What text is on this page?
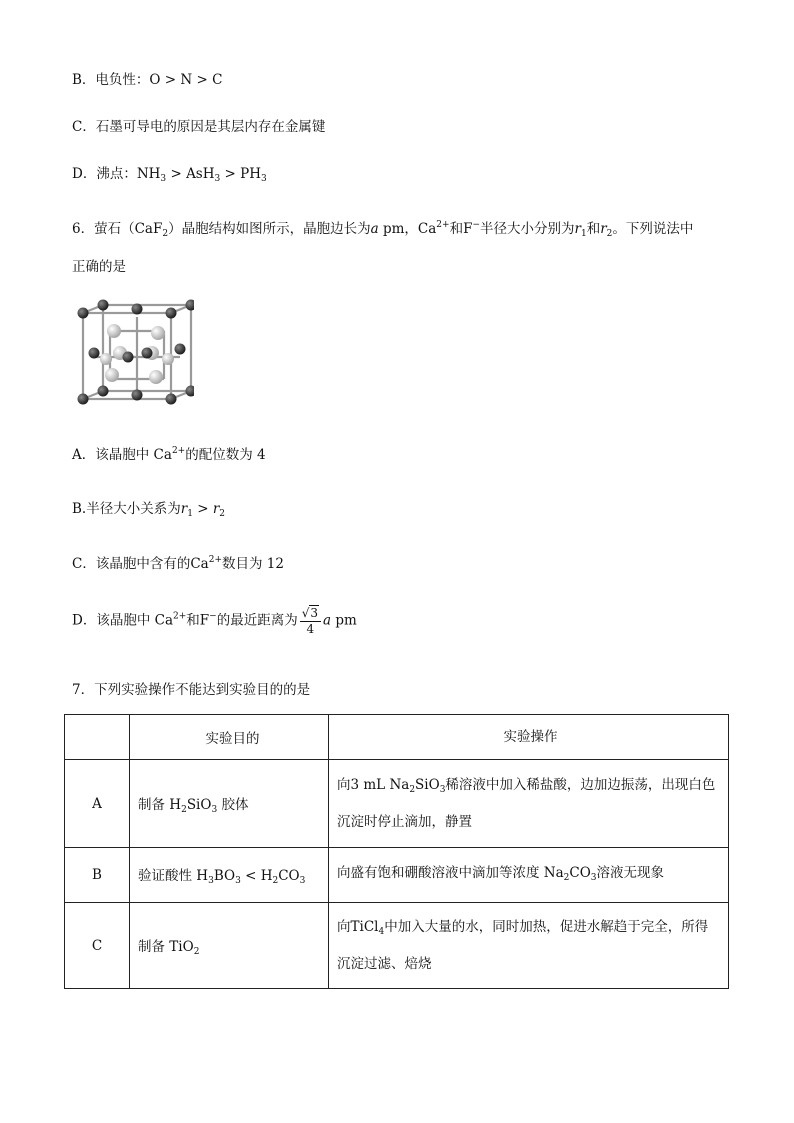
B．电负性：O > N > C
C．石墨可导电的原因是其层内存在金属键
D．沸点：$NH_3 > AsH_3 > PH_3$
6．萤石（CaF$_2$）晶胞结构如图所示，晶胞边长为a pm，$Ca^{2+}$和F−半径大小分别为$r_1$和$r_2$。下列说法中
正确的是
A．该晶胞中 $Ca^{2+}$的配位数为 4
B.半径大小关系为$r_1 > r_2$
C．该晶胞中含有的$Ca^{2+}$数目为 12
D．该晶胞中 $Ca^{2+}$和F−的最近距离为 $\frac{√3}{4}$ a pm
7．下列实验操作不能达到实验目的的是
	实验目的	实验操作
A	制备 $H_2SiO_3$ 胶体	向3 mL $Na_2SiO_3$稀溶液中加入稀盐酸，边加边振荡，出现白色
沉淀时停止滴加，静置
B	验证酸性 $H_3BO_3 < H_2CO_3$	向盛有饱和硼酸溶液中滴加等浓度 $Na_2CO_3$溶液无现象
C	制备 TiO$_2$	向TiCl$_4$中加入大量的水，同时加热，促进水解趋于完全，所得
沉淀过滤、焙烧
